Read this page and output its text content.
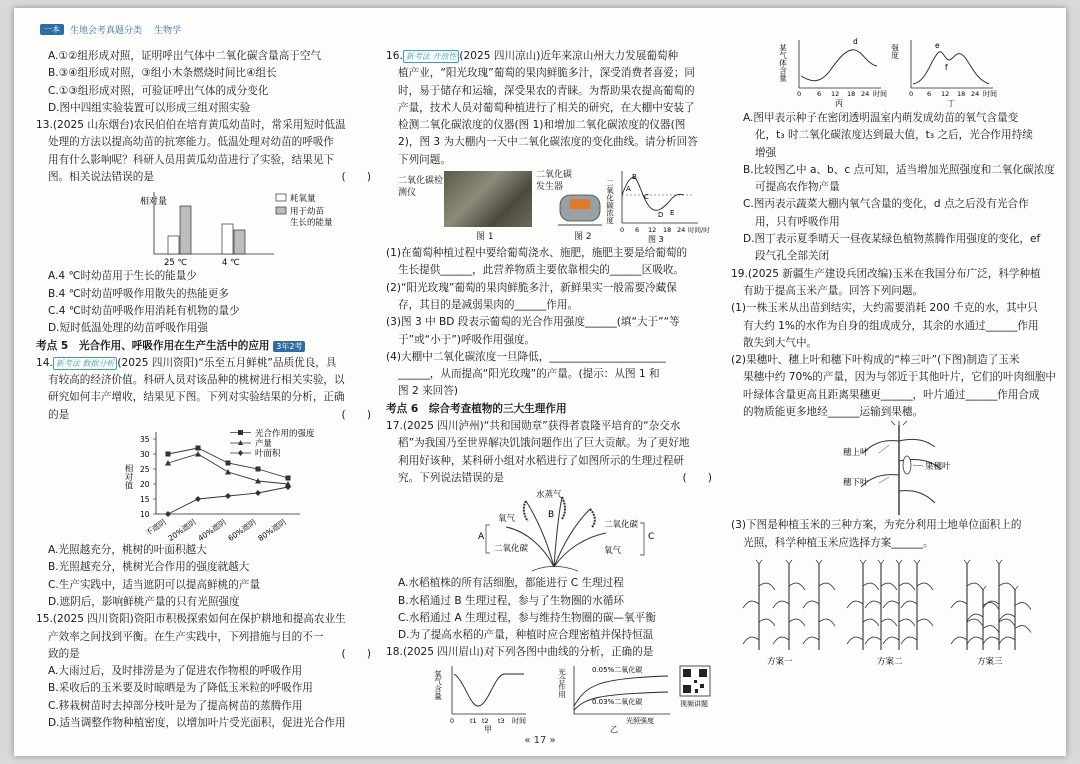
一本	生地会考真题分类 生物学

A.①②组形成对照，证明呼出气体中二氧化碳含量高于空气

B.③④组形成对照，③组小木条燃烧时间比④组长

C.①③组形成对照，可验证呼出气体的成分变化

D.图中四组实验装置可以形成三组对照实验

13.(2025 山东烟台)农民伯伯在培育黄瓜幼苗时，常采用短时低温

处理的方法以提高幼苗的抗寒能力。低温处理对幼苗的呼吸作

用有什么影响呢？科研人员用黄瓜幼苗进行了实验，结果见下

图。相关说法错误的是	(　　)

相对量
25 ℃	4 ℃
耗氧量
用于幼苗
生长的能量

A.4 ℃时幼苗用于生长的能量少

B.4 ℃时幼苗呼吸作用散失的热能更多

C.4 ℃时幼苗呼吸作用消耗有机物的量少

D.短时低温处理的幼苗呼吸作用强

考点 5　光合作用、呼吸作用在生产生活中的应用 3年2考

14. 新考法 数据分析 (2025 四川资阳)“乐至五月鲜桃”品质优良，具

有较高的经济价值。科研人员对该品种的桃树进行相关实验，以

研究如何丰产增收，结果见下图。下列对实验结果的分析，正确

的是	(　　)

相对值
10
15
20
25
30
35
不遮阴
20%遮阴
40%遮阴
60%遮阴
80%遮阴
光合作用的强度
产量
叶面积

A.光照越充分，桃树的叶面积越大

B.光照越充分，桃树光合作用的强度就越大

C.生产实践中，适当遮阴可以提高鲜桃的产量

D.遮阴后，影响鲜桃产量的只有光照强度

15.(2025 四川资阳)资阳市积极探索如何在保护耕地和提高农业生

产效率之间找到平衡。在生产实践中，下列措施与目的不一

致的是	(　　)

A.大雨过后，及时排涝是为了促进农作物根的呼吸作用

B.采收后的玉米要及时晾晒是为了降低玉米粒的呼吸作用

C.移栽树苗时去掉部分枝叶是为了提高树苗的蒸腾作用

D.适当调整作物种植密度，以增加叶片受光面积，促进光合作用

16. 新考法 开放性 (2025 四川凉山)近年来凉山州大力发展葡萄种

植产业，“阳光玫瑰”葡萄的果肉鲜脆多汁，深受消费者喜爱；同

时，易于储存和运输，深受果农的青睐。为帮助果农提高葡萄的

产量，技术人员对葡萄种植进行了相关的研究，在大棚中安装了

检测二氧化碳浓度的仪器(图 1)和增加二氧化碳浓度的仪器(图

2)，图 3 为大棚内一天中二氧化碳浓度的变化曲线。请分析回答

下列问题。

二氧化碳检测仪
图 1
二氧化碳发生器
图 2
二氧化碳浓度 A
B
C
D E
0 6 12 18 24 时间/时
图 3

(1)在葡萄种植过程中要给葡萄浇水、施肥，施肥主要是给葡萄的

生长提供______，此营养物质主要依靠根尖的______区吸收。

(2)“阳光玫瑰”葡萄的果肉鲜脆多汁，新鲜果实一般需要冷藏保

存，其目的是减弱果肉的______作用。

(3)图 3 中 BD 段表示葡萄的光合作用强度______(填“大于”“等

于”或“小于”)呼吸作用强度。

(4)大棚中二氧化碳浓度一旦降低，______________________

______，从而提高“阳光玫瑰”的产量。(提示：从图 1 和

图 2 来回答)

考点 6　综合考查植物的三大生理作用

17.(2025 四川泸州)“共和国勋章”获得者袁隆平培育的“杂交水

稻”为我国乃至世界解决饥饿问题作出了巨大贡献。为了更好地

利用好该种，某科研小组对水稻进行了如图所示的生理过程研

究。下列说法错误的是	(　　)

水蒸气
氧气
二氧化碳
二氧化碳
氧气
A
B
C

A.水稻植株的所有活细胞，都能进行 C 生理过程

B.水稻通过 B 生理过程，参与了生物圈的水循环

C.水稻通过 A 生理过程，参与维持生物圈的碳—氧平衡

D.为了提高水稻的产量，种植时应合理密植并保持恒温

18.(2025 四川眉山)对下列各图中曲线的分析，正确的是

氧气含量
0 t1 t2 t3 时间
甲
光合作用	0.05%二氧化碳
0.03%二氧化碳
光照强度
乙
视频讲题
某气体含量
d
0 6 12 18 24 时间
丙
强度	e
f
0 6 12 18 24 时间
丁

A.图甲表示种子在密闭透明温室内萌发成幼苗的氧气含量变

化，t₃ 时二氧化碳浓度达到最大值，t₃ 之后，光合作用持续

增强

B.比较图乙中 a、b、c 点可知，适当增加光照强度和二氧化碳浓度

可提高农作物产量

C.图丙表示蔬菜大棚内氧气含量的变化，d 点之后没有光合作

用，只有呼吸作用

D.图丁表示夏季晴天一昼夜某绿色植物蒸腾作用强度的变化，ef

段气孔全部关闭

19.(2025 新疆生产建设兵团改编)玉米在我国分布广泛，科学种植

有助于提高玉米产量。回答下列问题。

(1)一株玉米从出苗到结实，大约需要消耗 200 千克的水，其中只

有大约 1%的水作为自身的组成成分，其余的水通过______作用

散失到大气中。

(2)果穗叶、穗上叶和穗下叶构成的“棒三叶”(下图)制造了玉米

果穗中约 70%的产量，因为与邻近于其他叶片，它们的叶肉细胞中

叶绿体含量更高且距离果穗更______，叶片通过______作用合成

的物质能更多地经______运输到果穗。

穗上叶
果穗叶
穗下叶

(3)下图是种植玉米的三种方案，为充分利用土地单位面积上的

光照，科学种植玉米应选择方案______。

方案一	方案二	方案三
« 17 »
